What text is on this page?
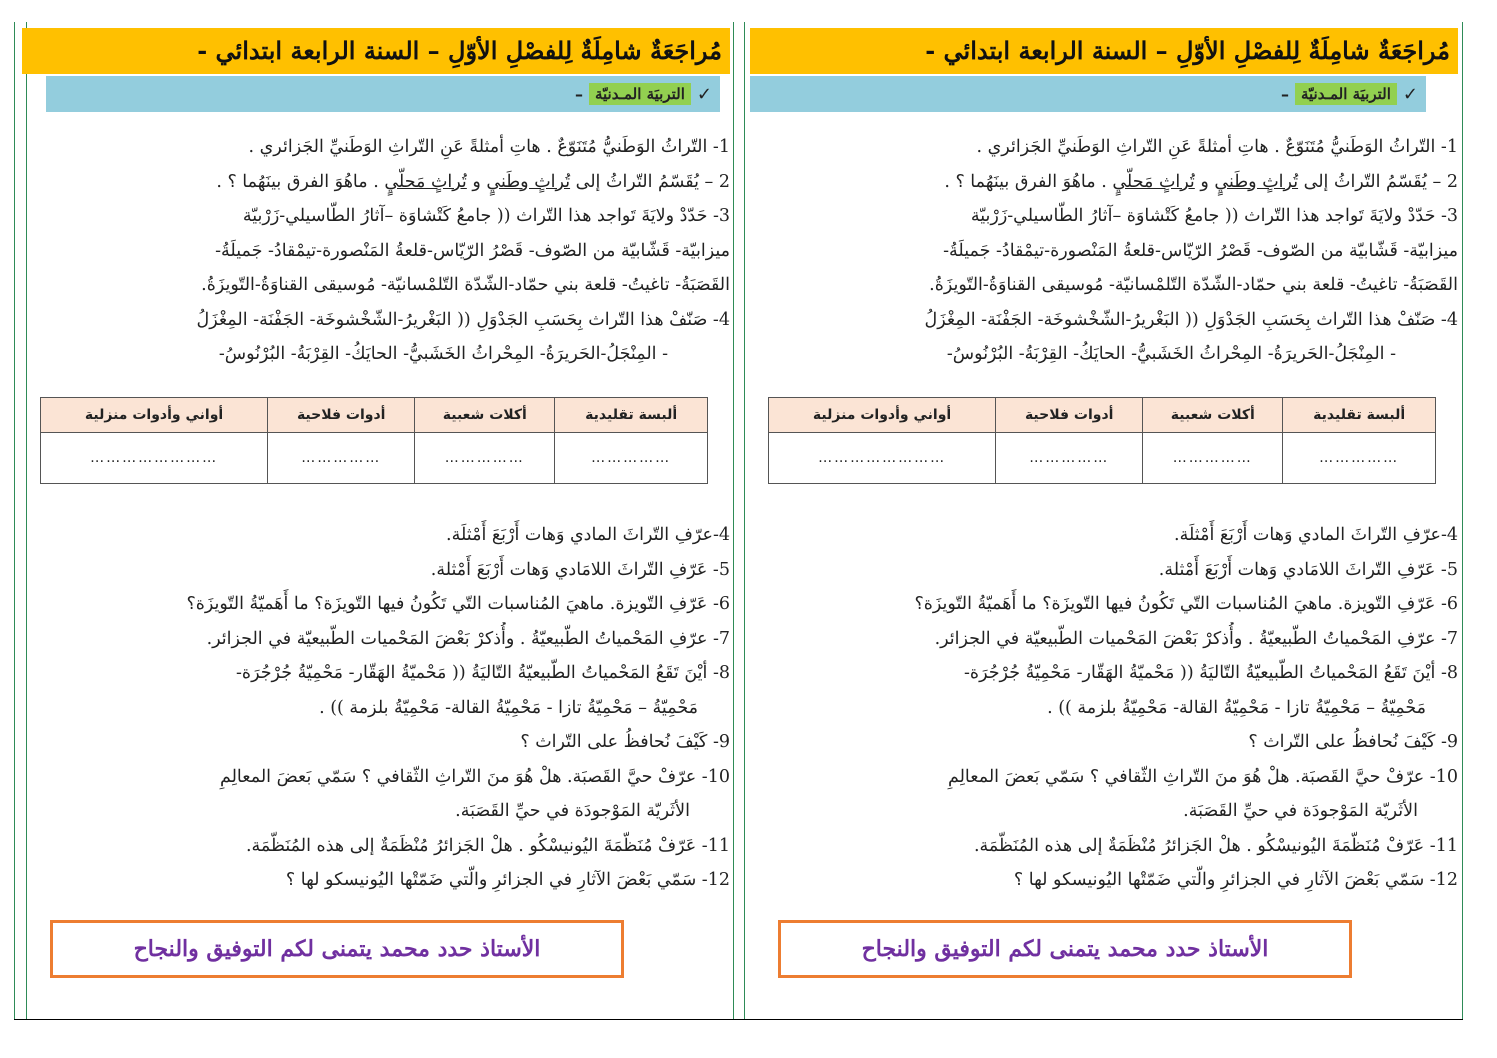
مُراجَعَةٌ شامِلَةٌ لِلفصْلِ الأوّلِ – السنة الرابعة ابتدائي -
✓
التربيَة المـدنيّة
–

1- التّراثُ الوَطَنيُّ مُتَنَوّعٌ . هاتِ أمثلةً عَنِ التّراثِ الوَطَنيِّ الجَزائري .

2 – يُقَسّمُ التّراثُ إلى تُراثٍ وطَنيٍ و تُراثٍ مَحلّيٍ . ماهُوَ الفرق بينَهُما ؟ .

3- حَدّدْ ولايَةَ تَواجد هذا التّراث (( جامعُ كَتْشاوَة –آثارُ الطّاسيلي-زَرْبيّة

ميزابيّة- قَشّابيّة من الصّوف- قَصْرُ الرّيّاس-قلعةُ المَنْصورة-تيمْقادُ- جَميلَةُ-

القَصَبَةُ- تاغيتُ- قلعة بني حمّاد-الشّدّة التّلمْسانيّة- مُوسيقى القناوَةُ-التّويزَةُ.

4- صَنّفْ هذا التّراث بِحَسَبِ الجَدْوَلِ (( البَغْريرُ-الشّخْشوخَة- الجَفْنَة- المِغْزَلُ

- المِنْجَلُ-الحَريرَةُ- المِحْراثُ الخَشَبيُّ- الحايَكُ- القِرْبَةُ- البُرْنُوسُ-

ألبسة تقليدية	أكلات شعبية	أدوات فلاحية	أواني وأدوات منزلية
……………	……………	……………	……………………

4-عرّفِ التّراثَ المادي وَهات أَرْبَعَ أَمْثلَة.

5- عَرّفِ التّراثَ اللامَادي وَهات أَرْبَعَ أَمْثلة.

6- عَرّفِ التّويزة. ماهيَ المُناسبات التّي تَكُونُ فيها التّويزَة؟ ما أَهَميّةُ التّويزَة؟

7- عرّفِ المَحْمياتُ الطّبيعيّةُ . وأُذكرْ بَعْضَ المَحْميات الطّبيعيّة في الجزائر.

8- أيْنَ تَقَعُ المَحْمياتُ الطّبيعيّةُ التّاليَةُ (( مَحْميّةُ الهَقّار- مَحْمِيّةُ جُرْجُرَة-

مَحْمِيّةُ – مَحْمِيّةُ تازا - مَحْمِيّةُ القالة- مَحْمِيّةُ بلزمة )) .

9- كَيْفَ نُحافظُ على التّراث ؟

10- عرّفْ حيَّ القَصبَة. هلْ هُوَ منَ التّراثِ الثّقافي ؟ سَمّي بَعضَ المعالِمِ

الأثَريّة المَوْجودَة في حيِّ القَصَبَة.

11- عَرّفْ مُنَظّمَةَ اليُونيسْكُو . هلْ الجَزائرُ مُنْظَمَةٌ إلى هذه المُنَظّمَة.

12- سَمّي بَعْضَ الآثارِ في الجزائرِ والّتي ضَمّتْها اليُونيسكو لها ؟

الأستاذ حدد محمد يتمنى لكم التوفيق والنجاح
مُراجَعَةٌ شامِلَةٌ لِلفصْلِ الأوّلِ – السنة الرابعة ابتدائي -
✓
التربيَة المـدنيّة
–

1- التّراثُ الوَطَنيُّ مُتَنَوّعٌ . هاتِ أمثلةً عَنِ التّراثِ الوَطَنيِّ الجَزائري .

2 – يُقَسّمُ التّراثُ إلى تُراثٍ وطَنيٍ و تُراثٍ مَحلّيٍ . ماهُوَ الفرق بينَهُما ؟ .

3- حَدّدْ ولايَةَ تَواجد هذا التّراث (( جامعُ كَتْشاوَة –آثارُ الطّاسيلي-زَرْبيّة

ميزابيّة- قَشّابيّة من الصّوف- قَصْرُ الرّيّاس-قلعةُ المَنْصورة-تيمْقادُ- جَميلَةُ-

القَصَبَةُ- تاغيتُ- قلعة بني حمّاد-الشّدّة التّلمْسانيّة- مُوسيقى القناوَةُ-التّويزَةُ.

4- صَنّفْ هذا التّراث بِحَسَبِ الجَدْوَلِ (( البَغْريرُ-الشّخْشوخَة- الجَفْنَة- المِغْزَلُ

- المِنْجَلُ-الحَريرَةُ- المِحْراثُ الخَشَبيُّ- الحايَكُ- القِرْبَةُ- البُرْنُوسُ-

ألبسة تقليدية	أكلات شعبية	أدوات فلاحية	أواني وأدوات منزلية
……………	……………	……………	……………………

4-عرّفِ التّراثَ المادي وَهات أَرْبَعَ أَمْثلَة.

5- عَرّفِ التّراثَ اللامَادي وَهات أَرْبَعَ أَمْثلة.

6- عَرّفِ التّويزة. ماهيَ المُناسبات التّي تَكُونُ فيها التّويزَة؟ ما أَهَميّةُ التّويزَة؟

7- عرّفِ المَحْمياتُ الطّبيعيّةُ . وأُذكرْ بَعْضَ المَحْميات الطّبيعيّة في الجزائر.

8- أيْنَ تَقَعُ المَحْمياتُ الطّبيعيّةُ التّاليَةُ (( مَحْميّةُ الهَقّار- مَحْمِيّةُ جُرْجُرَة-

مَحْمِيّةُ – مَحْمِيّةُ تازا - مَحْمِيّةُ القالة- مَحْمِيّةُ بلزمة )) .

9- كَيْفَ نُحافظُ على التّراث ؟

10- عرّفْ حيَّ القَصبَة. هلْ هُوَ منَ التّراثِ الثّقافي ؟ سَمّي بَعضَ المعالِمِ

الأثَريّة المَوْجودَة في حيِّ القَصَبَة.

11- عَرّفْ مُنَظّمَةَ اليُونيسْكُو . هلْ الجَزائرُ مُنْظَمَةٌ إلى هذه المُنَظّمَة.

12- سَمّي بَعْضَ الآثارِ في الجزائرِ والّتي ضَمّتْها اليُونيسكو لها ؟

الأستاذ حدد محمد يتمنى لكم التوفيق والنجاح
